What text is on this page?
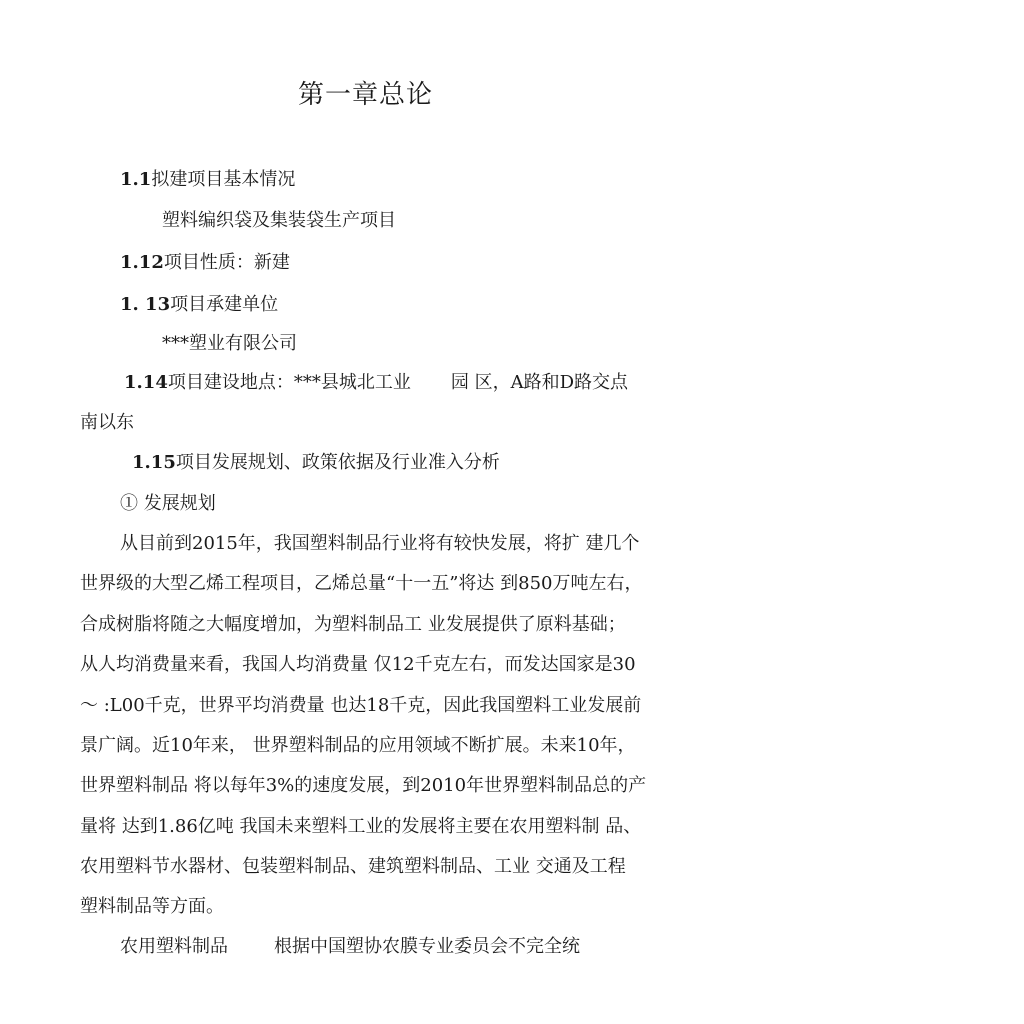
第一章总论
1.1拟建项目基本情况
塑料编织袋及集装袋生产项目
1.12项目性质：新建
1. 13项目承建单位
***塑业有限公司
1.14项目建设地点：***县城北工业 园 区，A路和D路交点
南以东
1.15项目发展规划、政策依据及行业准入分析
① 发展规划
从目前到2015年，我国塑料制品行业将有较快发展，将扩 建几个
世界级的大型乙烯工程项目，乙烯总量“十一五”将达 到850万吨左右，
合成树脂将随之大幅度增加，为塑料制品工 业发展提供了原料基础；
从人均消费量来看，我国人均消费量 仅12千克左右，而发达国家是30
～ :L00千克，世界平均消费量 也达18千克，因此我国塑料工业发展前
景广阔。近10年来， 世界塑料制品的应用领域不断扩展。未来10年，
世界塑料制品 将以每年3%的速度发展，到2010年世界塑料制品总的产
量将 达到1.86亿吨 我国未来塑料工业的发展将主要在农用塑料制 品、
农用塑料节水器材、包装塑料制品、建筑塑料制品、工业 交通及工程
塑料制品等方面。
农用塑料制品	根据中国塑协农膜专业委员会不完全统
